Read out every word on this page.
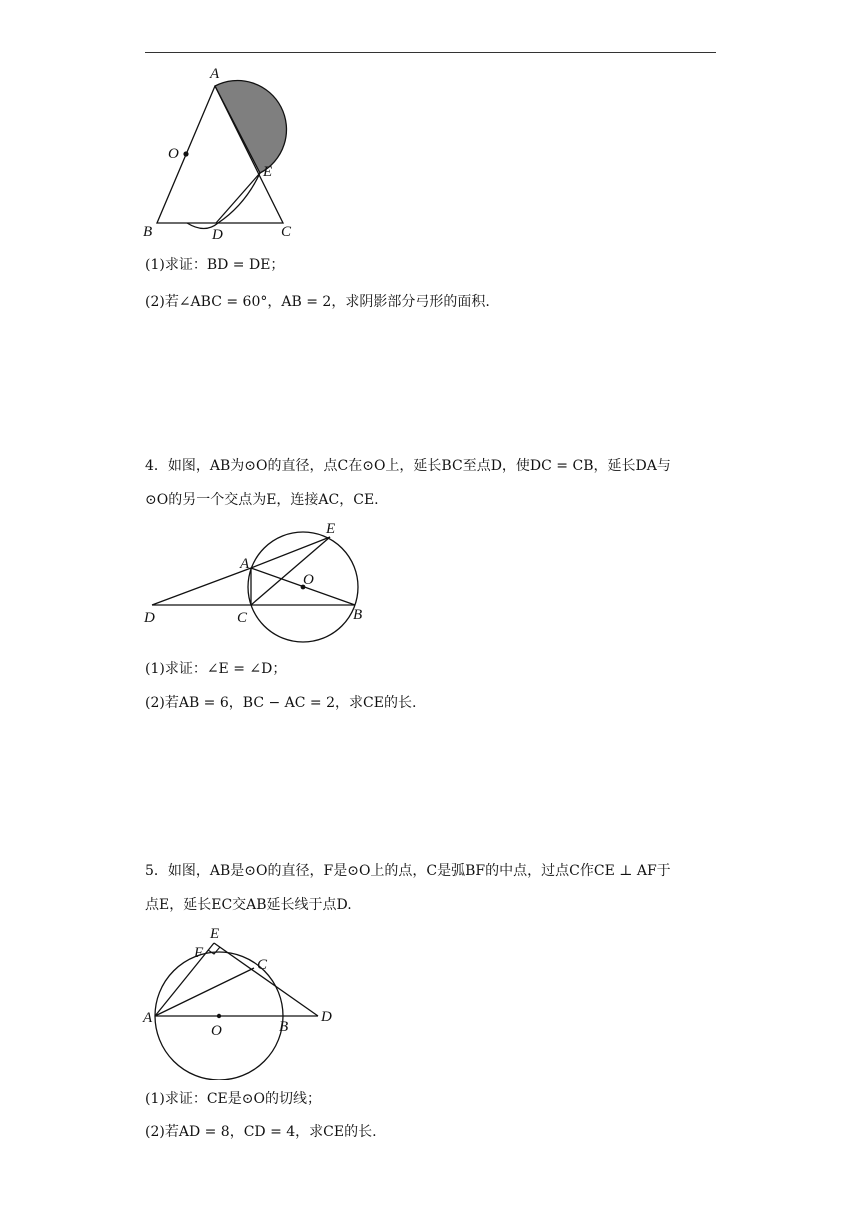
A
O
E
B	D	C
(1)求证：BD = DE；
(2)若∠ABC = 60°，AB = 2，求阴影部分弓形的面积.
4．如图，AB为⊙O的直径，点C在⊙O上，延长BC至点D，使DC = CB，延长DA与
⊙O的另一个交点为E，连接AC，CE.
A
E
O
D	C	B
(1)求证：∠E = ∠D；
(2)若AB = 6，BC − AC = 2，求CE的长.
5．如图，AB是⊙O的直径，F是⊙O上的点，C是弧BF的中点，过点C作CE ⊥ AF于
点E，延长EC交AB延长线于点D.
E
F
C
A
O	B
D
(1)求证：CE是⊙O的切线；
(2)若AD = 8，CD = 4，求CE的长.
